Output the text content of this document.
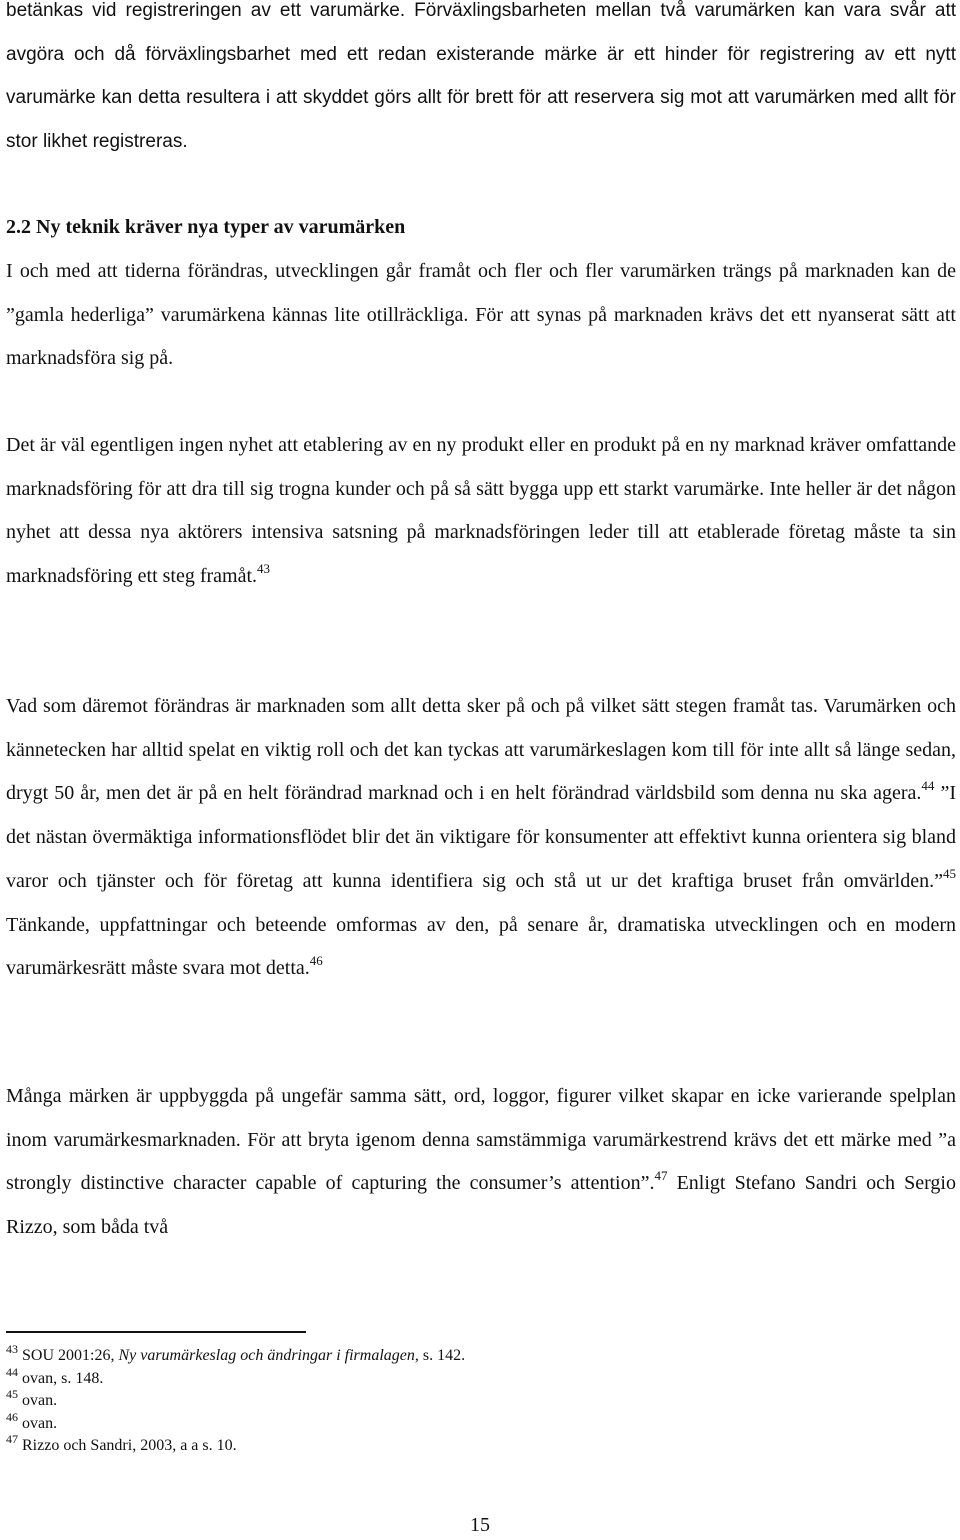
betänkas vid registreringen av ett varumärke. Förväxlingsbarheten mellan två varumärken kan vara svår att avgöra och då förväxlingsbarhet med ett redan existerande märke är ett hinder för registrering av ett nytt varumärke kan detta resultera i att skyddet görs allt för brett för att reservera sig mot att varumärken med allt för stor likhet registreras.

2.2 Ny teknik kräver nya typer av varumärken

I och med att tiderna förändras, utvecklingen går framåt och fler och fler varumärken trängs på marknaden kan de ”gamla hederliga” varumärkena kännas lite otillräckliga. För att synas på marknaden krävs det ett nyanserat sätt att marknadsföra sig på.

Det är väl egentligen ingen nyhet att etablering av en ny produkt eller en produkt på en ny marknad kräver omfattande marknadsföring för att dra till sig trogna kunder och på så sätt bygga upp ett starkt varumärke. Inte heller är det någon nyhet att dessa nya aktörers intensiva satsning på marknadsföringen leder till att etablerade företag måste ta sin marknadsföring ett steg framåt.$^{43}$

Vad som däremot förändras är marknaden som allt detta sker på och på vilket sätt stegen framåt tas. Varumärken och kännetecken har alltid spelat en viktig roll och det kan tyckas att varumärkeslagen kom till för inte allt så länge sedan, drygt 50 år, men det är på en helt förändrad marknad och i en helt förändrad världsbild som denna nu ska agera.$^{44}$ ”I det nästan övermäktiga informationsflödet blir det än viktigare för konsumenter att effektivt kunna orientera sig bland varor och tjänster och för företag att kunna identifiera sig och stå ut ur det kraftiga bruset från omvärlden.”$^{45}$ Tänkande, uppfattningar och beteende omformas av den, på senare år, dramatiska utvecklingen och en modern varumärkesrätt måste svara mot detta.$^{46}$

Många märken är uppbyggda på ungefär samma sätt, ord, loggor, figurer vilket skapar en icke varierande spelplan inom varumärkesmarknaden. För att bryta igenom denna samstämmiga varumärkestrend krävs det ett märke med ”a strongly distinctive character capable of capturing the consumer’s attention”.$^{47}$ Enligt Stefano Sandri och Sergio Rizzo, som båda två

$^{43}$ SOU 2001:26, Ny varumärkeslag och ändringar i firmalagen, s. 142.

$^{44}$ ovan, s. 148.

$^{45}$ ovan.

$^{46}$ ovan.

$^{47}$ Rizzo och Sandri, 2003, a a s. 10.

15
